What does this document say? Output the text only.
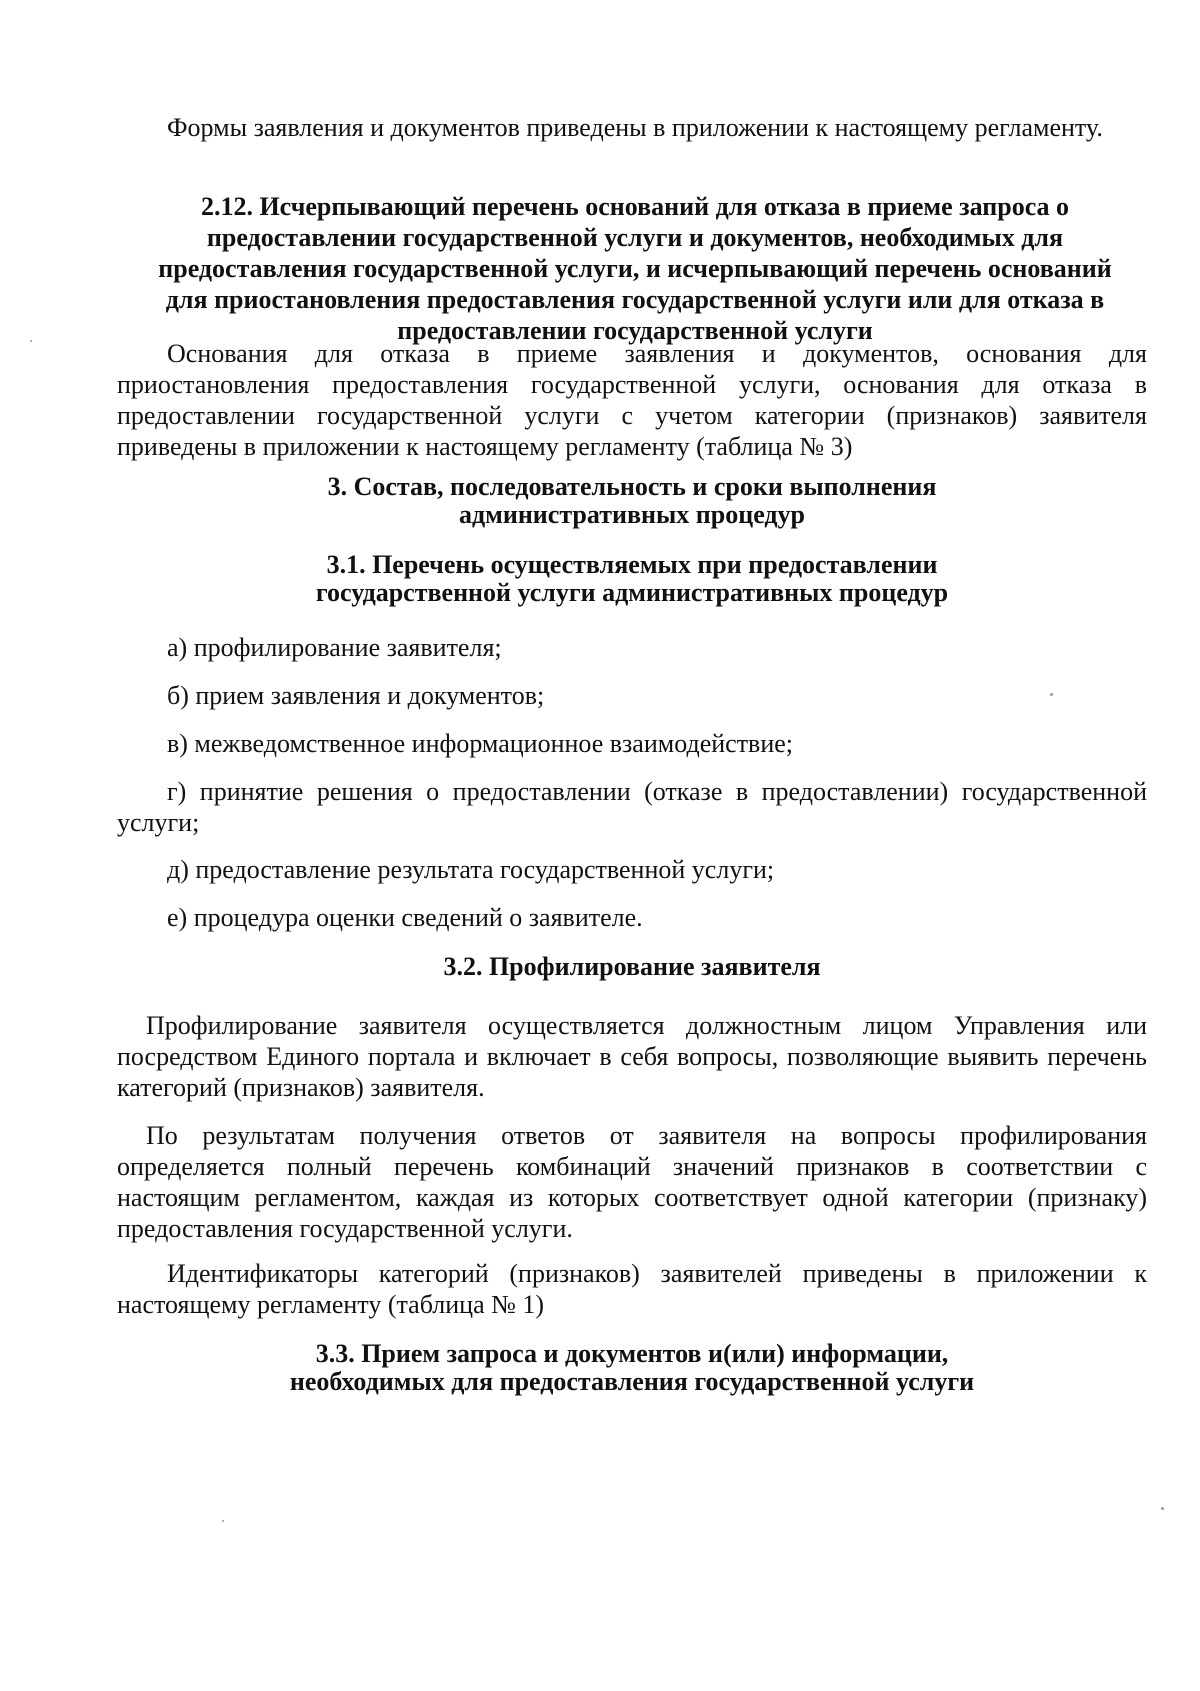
Формы заявления и документов приведены в приложении к настоящему регламенту.

2.12. Исчерпывающий перечень оснований для отказа в приеме запроса о предоставлении государственной услуги и документов, необходимых для предоставления государственной услуги, и исчерпывающий перечень оснований для приостановления предоставления государственной услуги или для отказа в предоставлении государственной услуги

Основания для отказа в приеме заявления и документов, основания для приостановления предоставления государственной услуги, основания для отказа в предоставлении государственной услуги с учетом категории (признаков) заявителя приведены в приложении к настоящему регламенту (таблица № 3)

3. Состав, последовательность и сроки выполнения

административных процедур

3.1. Перечень осуществляемых при предоставлении

государственной услуги административных процедур

а) профилирование заявителя;

б) прием заявления и документов;

в) межведомственное информационное взаимодействие;

г) принятие решения о предоставлении (отказе в предоставлении) государственной услуги;

д) предоставление результата государственной услуги;

е) процедура оценки сведений о заявителе.

3.2. Профилирование заявителя

Профилирование заявителя осуществляется должностным лицом Управления или посредством Единого портала и включает в себя вопросы, позволяющие выявить перечень категорий (признаков) заявителя.

По результатам получения ответов от заявителя на вопросы профилирования определяется полный перечень комбинаций значений признаков в соответствии с настоящим регламентом, каждая из которых соответствует одной категории (признаку) предоставления государственной услуги.

Идентификаторы категорий (признаков) заявителей приведены в приложении к настоящему регламенту (таблица № 1)

3.3. Прием запроса и документов и(или) информации,

необходимых для предоставления государственной услуги
